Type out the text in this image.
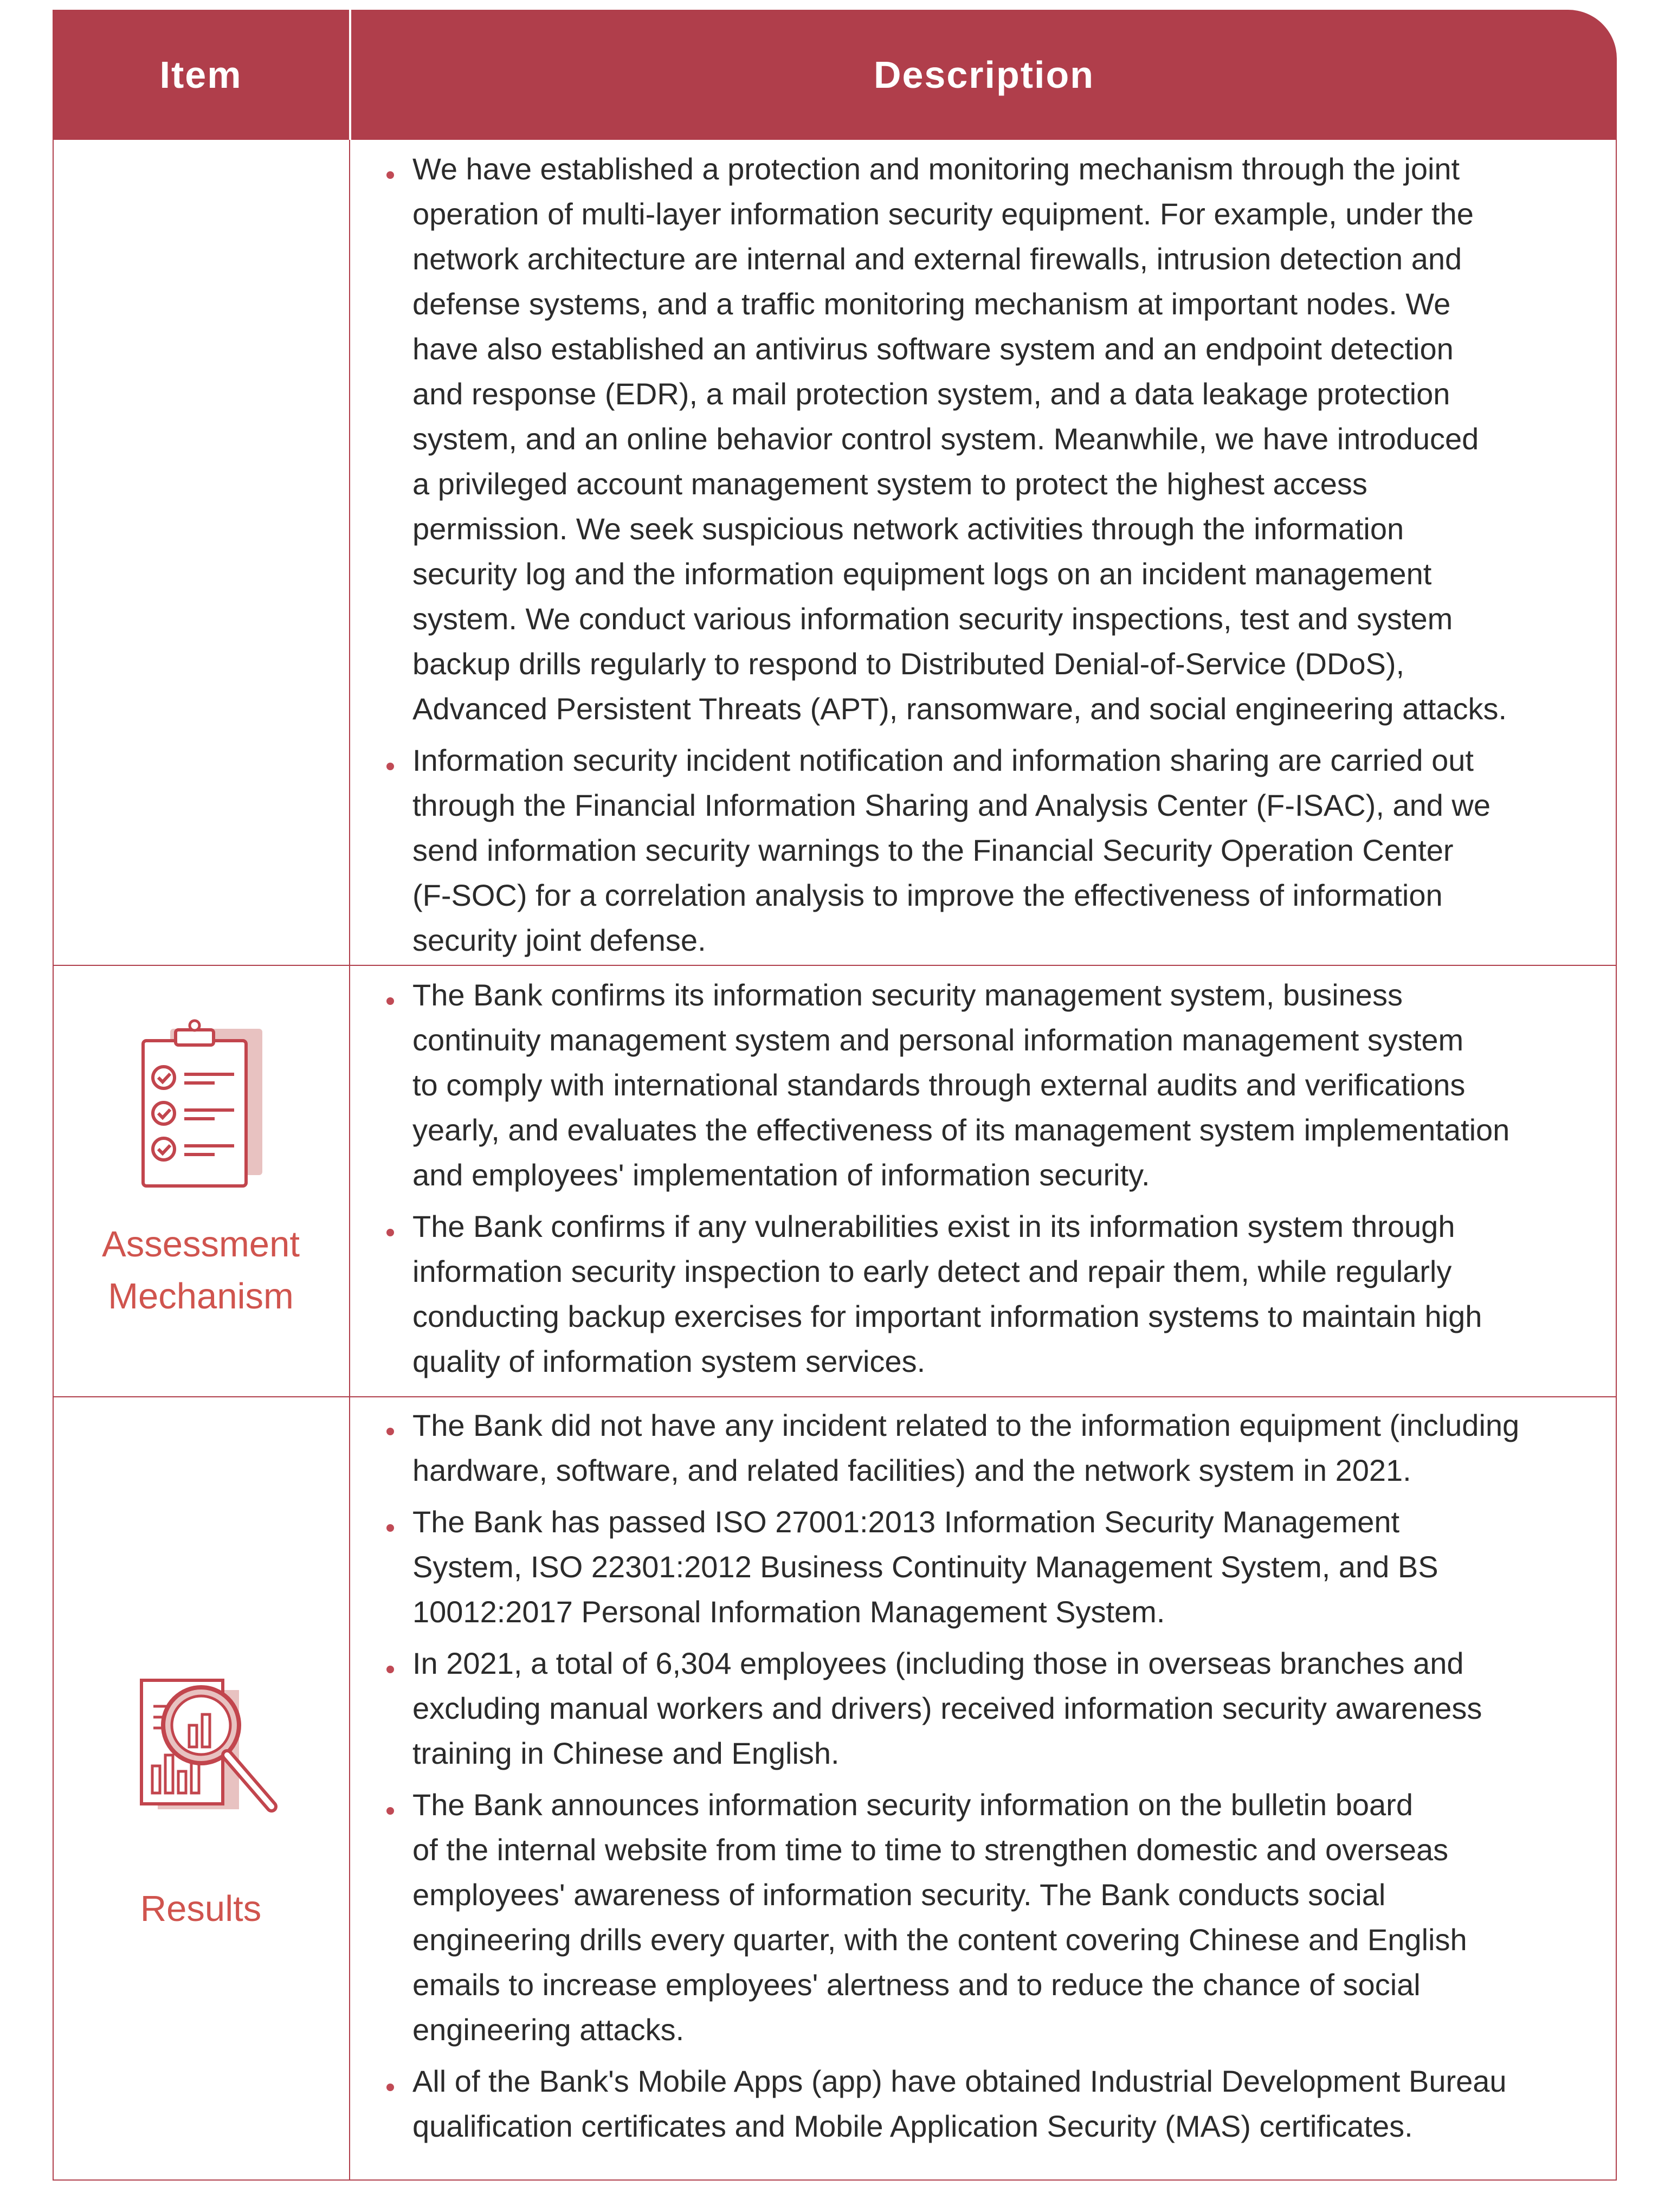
Item	Description
We have established a protection and monitoring mechanism through the joint
operation of multi-layer information security equipment. For example, under the
network architecture are internal and external firewalls, intrusion detection and
defense systems, and a traffic monitoring mechanism at important nodes. We
have also established an antivirus software system and an endpoint detection
and response (EDR), a mail protection system, and a data leakage protection
system, and an online behavior control system. Meanwhile, we have introduced
a privileged account management system to protect the highest access
permission. We seek suspicious network activities through the information
security log and the information equipment logs on an incident management
system. We conduct various information security inspections, test and system
backup drills regularly to respond to Distributed Denial-of-Service (DDoS),
Advanced Persistent Threats (APT), ransomware, and social engineering attacks.
Information security incident notification and information sharing are carried out
through the Financial Information Sharing and Analysis Center (F-ISAC), and we
send information security warnings to the Financial Security Operation Center
(F-SOC) for a correlation analysis to improve the effectiveness of information
security joint defense.
Assessment
Mechanism
The Bank confirms its information security management system, business
continuity management system and personal information management system
to comply with international standards through external audits and verifications
yearly, and evaluates the effectiveness of its management system implementation
and employees' implementation of information security.
The Bank confirms if any vulnerabilities exist in its information system through
information security inspection to early detect and repair them, while regularly
conducting backup exercises for important information systems to maintain high
quality of information system services.
Results
The Bank did not have any incident related to the information equipment (including
hardware, software, and related facilities) and the network system in 2021.
The Bank has passed ISO 27001:2013 Information Security Management
System, ISO 22301:2012 Business Continuity Management System, and BS
10012:2017 Personal Information Management System.
In 2021, a total of 6,304 employees (including those in overseas branches and
excluding manual workers and drivers) received information security awareness
training in Chinese and English.
The Bank announces information security information on the bulletin board
of the internal website from time to time to strengthen domestic and overseas
employees' awareness of information security. The Bank conducts social
engineering drills every quarter, with the content covering Chinese and English
emails to increase employees' alertness and to reduce the chance of social
engineering attacks.
All of the Bank's Mobile Apps (app) have obtained Industrial Development Bureau
qualification certificates and Mobile Application Security (MAS) certificates.
